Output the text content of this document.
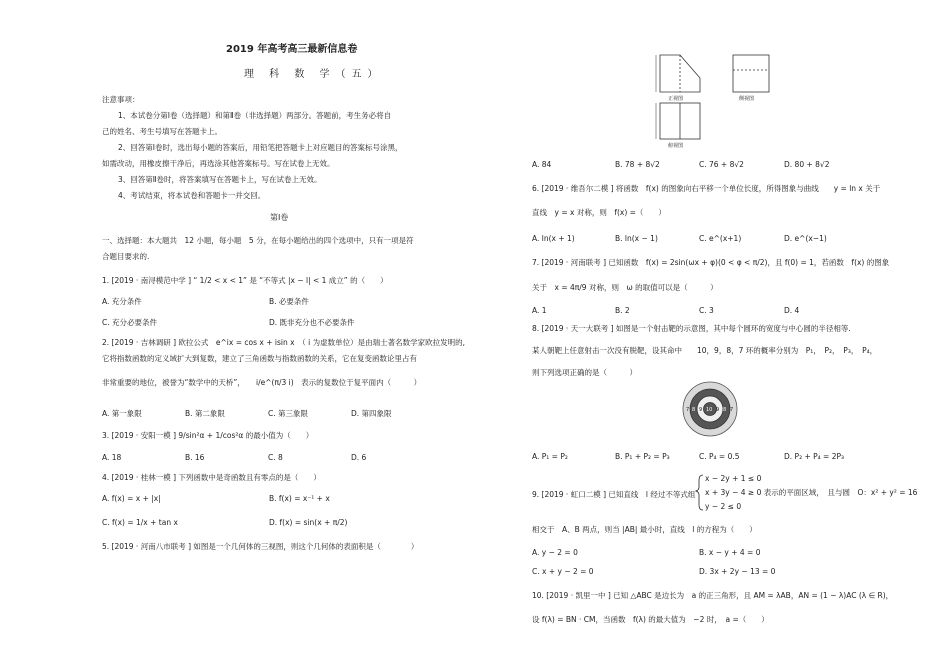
2019 年高考高三最新信息卷
理 科 数 学（五）
注意事项：
1、本试卷分第Ⅰ卷（选择题）和第Ⅱ卷（非选择题）两部分。答题前，考生务必将自
己的姓名、考生号填写在答题卡上。
2、回答第Ⅰ卷时，选出每小题的答案后，用铅笔把答题卡上对应题目的答案标号涂黑，
如需改动，用橡皮擦干净后，再选涂其他答案标号。写在试卷上无效。
3、回答第Ⅱ卷时，将答案填写在答题卡上，写在试卷上无效。
4、考试结束，将本试卷和答题卡一并交回。
第Ⅰ卷
一、选择题：本大题共　12 小题，每小题　5 分，在每小题给出的四个选项中，只有一项是符
合题目要求的.
1. [2019 · 南浔模范中学 ] “ 1/2 < x < 1” 是 “不等式 |x − l| < 1 成立” 的（　　）
A. 充分条件	B. 必要条件
C. 充分必要条件	D. 既非充分也不必要条件
2. [2019 · 吉林调研 ] 欧拉公式　e^ix = cos x + isin x　（ i 为虚数单位）是由瑞士著名数学家欧拉发明的,
它将指数函数的定义域扩大到复数，建立了三角函数与指数函数的关系，它在复变函数论里占有
非常重要的地位，被誉为“数学中的天桥”，　　i/e^(π/3 i)　表示的复数位于复平面内（　　　）
A. 第一象限	B. 第二象限	C. 第三象限	D. 第四象限
3. [2019 · 安阳一模 ] 9/sin²α + 1/cos²α 的最小值为（　　）
A. 18	B. 16	C. 8	D. 6
4. [2019 · 桂林一模 ] 下列函数中是奇函数且有零点的是（　　）
A. f(x) = x + |x|	B. f(x) = x⁻¹ + x
C. f(x) = 1/x + tan x	D. f(x) = sin(x + π/2)
5. [2019 · 河南八市联考 ] 如图是一个几何体的三视图，则这个几何体的表面积是（　　　　）
正视图	侧视图
俯视图
A. 84	B. 78 + 8√2	C. 76 + 8√2	D. 80 + 8√2
6. [2019 · 维吾尔二模 ] 将函数　f(x) 的图象向右平移一个单位长度，所得图象与曲线　　y = ln x 关于
直线　y = x 对称，则　f(x) =（　　）
A. ln(x + 1)	B. ln(x − 1)	C. e^(x+1)	D. e^(x−1)
7. [2019 · 河南联考 ] 已知函数　f(x) = 2sin(ωx + φ)(0 < φ < π/2)，且 f(0) = 1，若函数　f(x) 的图象
关于　x = 4π/9 对称，则　ω 的取值可以是（　　　）
A. 1	B. 2	C. 3	D. 4
8. [2019 · 天一大联考 ] 如图是一个射击靶的示意图，其中每个圆环的宽度与中心圆的半径相等.
某人朝靶上任意射击一次没有脱靶，设其命中　　10，9，8，7 环的概率分别为　P₁，　P₂，　P₃，　P₄，
则下列选项正确的是（　　　）
7 8 9 10 9 8 7
A. P₁ = P₂	B. P₁ + P₂ = P₃	C. P₄ = 0.5	D. P₂ + P₄ = 2P₃
9. [2019 · 虹口二模 ] 已知直线　l 经过不等式组
x − 2y + 1 ≤ 0
x + 3y − 4 ≥ 0 表示的平面区域，　且与圆　O：x² + y² = 16
y − 2 ≤ 0
相交于　A、B 两点，则当 |AB| 最小时，直线　l 的方程为（　　）
A. y − 2 = 0	B. x − y + 4 = 0
C. x + y − 2 = 0	D. 3x + 2y − 13 = 0
10. [2019 · 凯里一中 ] 已知 △ABC 是边长为　a 的正三角形，且 AM = λAB，AN = (1 − λ)AC (λ ∈ R)，
设 f(λ) = BN · CM，当函数　f(λ) 的最大值为　−2 时，　a =（　　）
